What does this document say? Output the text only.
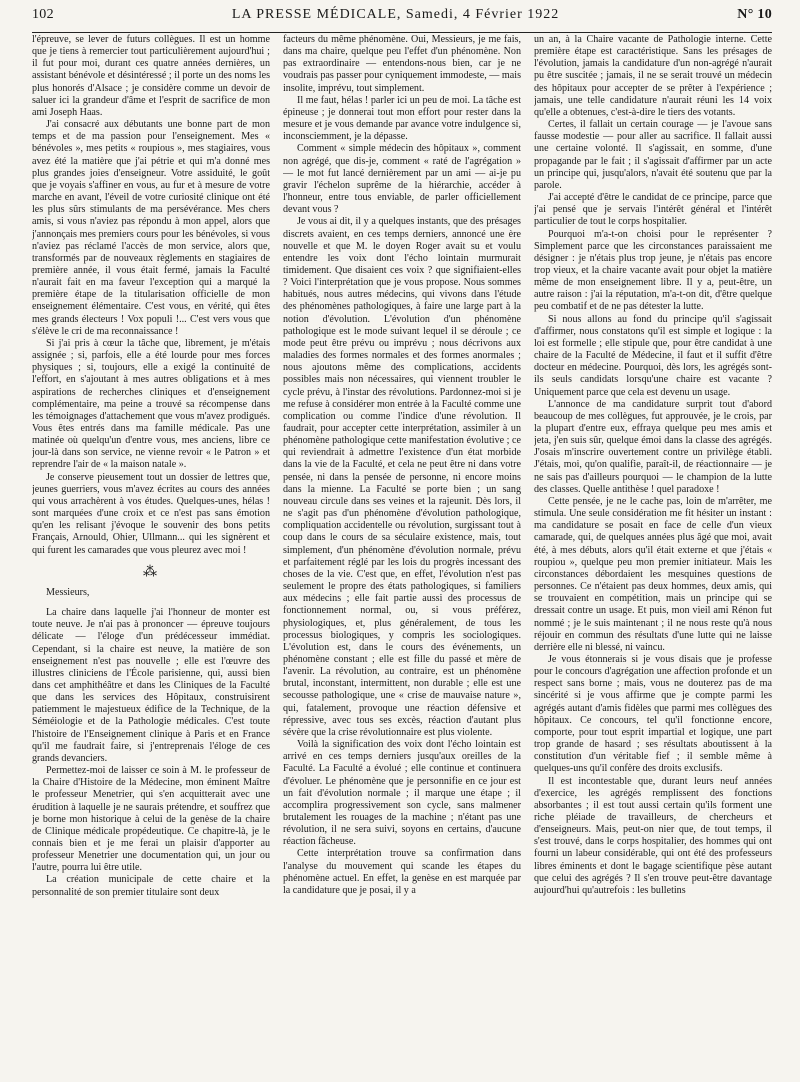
102	LA PRESSE MÉDICALE, Samedi, 4 Février 1922	N° 10

l'épreuve, se lever de futurs collègues. Il est un homme que je tiens à remercier tout particulièrement aujourd'hui ; il fut pour moi, durant ces quatre années dernières, un assistant bénévole et désintéressé ; il porte un des noms les plus honorés d'Alsace ; je considère comme un devoir de saluer ici la grandeur d'âme et l'esprit de sacrifice de mon ami Joseph Haas.

J'ai consacré aux débutants une bonne part de mon temps et de ma passion pour l'enseignement. Mes « bénévoles », mes petits « roupious », mes stagiaires, vous avez été la matière que j'ai pétrie et qui m'a donné mes plus grandes joies d'enseigneur. Votre assiduité, le goût que je voyais s'affiner en vous, au fur et à mesure de votre marche en avant, l'éveil de votre curiosité clinique ont été les plus sûrs stimulants de ma persévérance. Mes chers amis, si vous n'aviez pas répondu à mon appel, alors que j'annonçais mes premiers cours pour les bénévoles, si vous n'aviez pas réclamé l'accès de mon service, alors que, transformés par de nouveaux règlements en stagiaires de première année, il vous était fermé, jamais la Faculté n'aurait fait en ma faveur l'exception qui a marqué la première étape de la titularisation officielle de mon enseignement élémentaire. C'est vous, en vérité, qui êtes mes grands électeurs ! Vox populi !... C'est vers vous que s'élève le cri de ma reconnaissance !

Si j'ai pris à cœur la tâche que, librement, je m'étais assignée ; si, parfois, elle a été lourde pour mes forces physiques ; si, toujours, elle a exigé la continuité de l'effort, en s'ajoutant à mes autres obligations et à mes aspirations de recherches cliniques et d'enseignement complémentaire, ma peine a trouvé sa récompense dans les témoignages d'attachement que vous m'avez prodigués. Vous êtes entrés dans ma famille médicale. Pas une matinée où quelqu'un d'entre vous, mes anciens, libre ce jour-là dans son service, ne vienne revoir « le Patron » et reprendre l'air de « la maison natale ».

Je conserve pieusement tout un dossier de lettres que, jeunes guerriers, vous m'avez écrites au cours des années qui vous arrachèrent à vos études. Quelques-unes, hélas ! sont marquées d'une croix et ce n'est pas sans émotion qu'en les relisant j'évoque le souvenir des bons petits Français, Arnould, Ohier, Ullmann... qui les signèrent et qui furent les camarades que vous pleurez avec moi !

⁂

Messieurs,

La chaire dans laquelle j'ai l'honneur de monter est toute neuve. Je n'ai pas à prononcer — épreuve toujours délicate — l'éloge d'un prédécesseur immédiat. Cependant, si la chaire est neuve, la matière de son enseignement n'est pas nouvelle ; elle est l'œuvre des illustres cliniciens de l'École parisienne, qui, aussi bien dans cet amphithéâtre et dans les Cliniques de la Faculté que dans les services des Hôpitaux, construisirent patiemment le majestueux édifice de la Technique, de la Séméiologie et de la Pathologie médicales. C'est toute l'histoire de l'Enseignement clinique à Paris et en France qu'il me faudrait faire, si j'entreprenais l'éloge de ces grands devanciers.

Permettez-moi de laisser ce soin à M. le professeur de la Chaire d'Histoire de la Médecine, mon éminent Maître le professeur Menetrier, qui s'en acquitterait avec une érudition à laquelle je ne saurais prétendre, et souffrez que je borne mon historique à celui de la genèse de la chaire de Clinique médicale propédeutique. Ce chapitre-là, je le connais bien et je me ferai un plaisir d'apporter au professeur Menetrier une documentation qui, un jour ou l'autre, pourra lui être utile.

La création municipale de cette chaire et la personnalité de son premier titulaire sont deux

facteurs du même phénomène. Oui, Messieurs, je me fais, dans ma chaire, quelque peu l'effet d'un phénomène. Non pas extraordinaire — entendons-nous bien, car je ne voudrais pas passer pour cyniquement immodeste, — mais insolite, imprévu, tout simplement.

Il me faut, hélas ! parler ici un peu de moi. La tâche est épineuse ; je donnerai tout mon effort pour rester dans la mesure et je vous demande par avance votre indulgence si, inconsciemment, je la dépasse.

Comment « simple médecin des hôpitaux », comment non agrégé, que dis-je, comment « raté de l'agrégation » — le mot fut lancé dernièrement par un ami — ai-je pu gravir l'échelon suprême de la hiérarchie, accéder à l'honneur, entre tous enviable, de parler officiellement devant vous ?

Je vous ai dit, il y a quelques instants, que des présages discrets avaient, en ces temps derniers, annoncé une ère nouvelle et que M. le doyen Roger avait su et voulu entendre les voix dont l'écho lointain murmurait timidement. Que disaient ces voix ? que signifiaient-elles ? Voici l'interprétation que je vous propose. Nous sommes habitués, nous autres médecins, qui vivons dans l'étude des phénomènes pathologiques, à faire une large part à la notion d'évolution. L'évolution d'un phénomène pathologique est le mode suivant lequel il se déroule ; ce mode peut être prévu ou imprévu ; nous décrivons aux maladies des formes normales et des formes anormales ; nous ajoutons même des complications, accidents possibles mais non nécessaires, qui viennent troubler le cycle prévu, à l'instar des révolutions. Pardonnez-moi si je me refuse à considérer mon entrée à la Faculté comme une complication ou comme l'indice d'une révolution. Il faudrait, pour accepter cette interprétation, assimiler à un phénomène pathologique cette manifestation évolutive ; ce qui reviendrait à admettre l'existence d'un état morbide dans la vie de la Faculté, et cela ne peut être ni dans votre pensée, ni dans la pensée de personne, ni encore moins dans la mienne. La Faculté se porte bien ; un sang nouveau circule dans ses veines et la rajeunit. Dès lors, il ne s'agit pas d'un phénomène d'évolution pathologique, compliquation accidentelle ou révolution, surgissant tout à coup dans le cours de sa séculaire existence, mais, tout simplement, d'un phénomène d'évolution normale, prévu et parfaitement réglé par les lois du progrès incessant des choses de la vie. C'est que, en effet, l'évolution n'est pas seulement le propre des états pathologiques, si familiers aux médecins ; elle fait partie aussi des processus de fonctionnement normal, ou, si vous préférez, physiologiques, et, plus généralement, de tous les processus biologiques, y compris les sociologiques. L'évolution est, dans le cours des événements, un phénomène constant ; elle est fille du passé et mère de l'avenir. La révolution, au contraire, est un phénomène brutal, inconstant, intermittent, non durable ; elle est une secousse pathologique, une « crise de mauvaise nature », qui, fatalement, provoque une réaction défensive et répressive, avec tous ses excès, réaction d'autant plus sévère que la crise révolutionnaire est plus violente.

Voilà la signification des voix dont l'écho lointain est arrivé en ces temps derniers jusqu'aux oreilles de la Faculté. La Faculté a évolué ; elle continue et continuera d'évoluer. Le phénomène que je personnifie en ce jour est un fait d'évolution normale ; il marque une étape ; il accomplira progressivement son cycle, sans malmener brutalement les rouages de la machine ; n'étant pas une révolution, il ne sera suivi, soyons en certains, d'aucune réaction fâcheuse.

Cette interprétation trouve sa confirmation dans l'analyse du mouvement qui scande les étapes du phénomène actuel. En effet, la genèse en est marquée par la candidature que je posai, il y a

un an, à la Chaire vacante de Pathologie interne. Cette première étape est caractéristique. Sans les présages de l'évolution, jamais la candidature d'un non-agrégé n'aurait pu être suscitée ; jamais, il ne se serait trouvé un médecin des hôpitaux pour accepter de se prêter à l'expérience ; jamais, une telle candidature n'aurait réuni les 14 voix qu'elle a obtenues, c'est-à-dire le tiers des votants.

Certes, il fallait un certain courage — je l'avoue sans fausse modestie — pour aller au sacrifice. Il fallait aussi une certaine volonté. Il s'agissait, en somme, d'une propagande par le fait ; il s'agissait d'affirmer par un acte un principe qui, jusqu'alors, n'avait été soutenu que par la parole.

J'ai accepté d'être le candidat de ce principe, parce que j'ai pensé que je servais l'intérêt général et l'intérêt particulier de tout le corps hospitalier.

Pourquoi m'a-t-on choisi pour le représenter ? Simplement parce que les circonstances paraissaient me désigner : je n'étais plus trop jeune, je n'étais pas encore trop vieux, et la chaire vacante avait pour objet la matière même de mon enseignement libre. Il y a, peut-être, un autre raison : j'ai la réputation, m'a-t-on dit, d'être quelque peu combatif et de ne pas détester la lutte.

Si nous allons au fond du principe qu'il s'agissait d'affirmer, nous constatons qu'il est simple et logique : la loi est formelle ; elle stipule que, pour être candidat à une chaire de la Faculté de Médecine, il faut et il suffit d'être docteur en médecine. Pourquoi, dès lors, les agrégés sont-ils seuls candidats lorsqu'une chaire est vacante ? Uniquement parce que cela est devenu un usage.

L'annonce de ma candidature surprit tout d'abord beaucoup de mes collègues, fut approuvée, je le crois, par la plupart d'entre eux, effraya quelque peu mes amis et jeta, j'en suis sûr, quelque émoi dans la classe des agrégés. J'osais m'inscrire ouvertement contre un privilège établi. J'étais, moi, qu'on qualifie, paraît-il, de réactionnaire — je ne sais pas d'ailleurs pourquoi — le champion de la lutte des classes. Quelle antithèse ! quel paradoxe !

Cette pensée, je ne le cache pas, loin de m'arrêter, me stimula. Une seule considération me fit hésiter un instant : ma candidature se posait en face de celle d'un vieux camarade, qui, de quelques années plus âgé que moi, avait été, à mes débuts, alors qu'il était externe et que j'étais « roupiou », quelque peu mon premier initiateur. Mais les circonstances débordaient les mesquines questions de personnes. Ce n'étaient pas deux hommes, deux amis, qui se trouvaient en compétition, mais un principe qui se dressait contre un usage. Et puis, mon vieil ami Rénon fut nommé ; je le suis maintenant ; il ne nous reste qu'à nous réjouir en commun des résultats d'une lutte qui ne laisse derrière elle ni blessé, ni vaincu.

Je vous étonnerais si je vous disais que je professe pour le concours d'agrégation une affection profonde et un respect sans borne ; mais, vous ne douterez pas de ma sincérité si je vous affirme que je compte parmi les agrégés autant d'amis fidèles que parmi mes collègues des hôpitaux. Ce concours, tel qu'il fonctionne encore, comporte, pour tout esprit impartial et logique, une part trop grande de hasard ; ses résultats aboutissent à la constitution d'un véritable fief ; il semble même à quelques-uns qu'il confère des droits exclusifs.

Il est incontestable que, durant leurs neuf années d'exercice, les agrégés remplissent des fonctions absorbantes ; il est tout aussi certain qu'ils forment une riche pléiade de travailleurs, de chercheurs et d'enseigneurs. Mais, peut-on nier que, de tout temps, il s'est trouvé, dans le corps hospitalier, des hommes qui ont fourni un labeur considérable, qui ont été des professeurs libres éminents et dont le bagage scientifique pèse autant que celui des agrégés ? Il s'en trouve peut-être davantage aujourd'hui qu'autrefois : les bulletins
